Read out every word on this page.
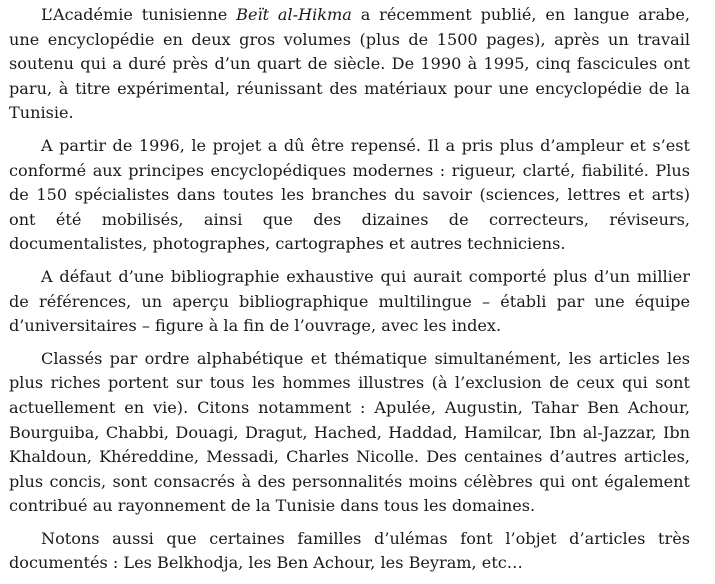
L’Académie tunisienne Beït al-Hikma a récemment publié, en langue arabe, une encyclopédie en deux gros volumes (plus de 1500 pages), après un travail soutenu qui a duré près d’un quart de siècle. De 1990 à 1995, cinq fascicules ont paru, à titre expérimental, réunissant des matériaux pour une encyclopédie de la Tunisie.

A partir de 1996, le projet a dû être repensé. Il a pris plus d’ampleur et s’est conformé aux principes encyclopédiques modernes : rigueur, clarté, fiabilité. Plus de 150 spécialistes dans toutes les branches du savoir (sciences, lettres et arts) ont été mobilisés, ainsi que des dizaines de correcteurs, réviseurs, documentalistes, photographes, cartographes et autres techniciens.

A défaut d’une bibliographie exhaustive qui aurait comporté plus d’un millier de références, un aperçu bibliographique multilingue – établi par une équipe d’universitaires – figure à la fin de l’ouvrage, avec les index.

Classés par ordre alphabétique et thématique simultanément, les articles les plus riches portent sur tous les hommes illustres (à l’exclusion de ceux qui sont actuellement en vie). Citons notamment : Apulée, Augustin, Tahar Ben Achour, Bourguiba, Chabbi, Douagi, Dragut, Hached, Haddad, Hamilcar, Ibn al-Jazzar, Ibn Khaldoun, Khéreddine, Messadi, Charles Nicolle. Des centaines d’autres articles, plus concis, sont consacrés à des personnalités moins célèbres qui ont également contribué au rayonnement de la Tunisie dans tous les domaines.

Notons aussi que certaines familles d’ulémas font l’objet d’articles très documentés : Les Belkhodja, les Ben Achour, les Beyram, etc…
